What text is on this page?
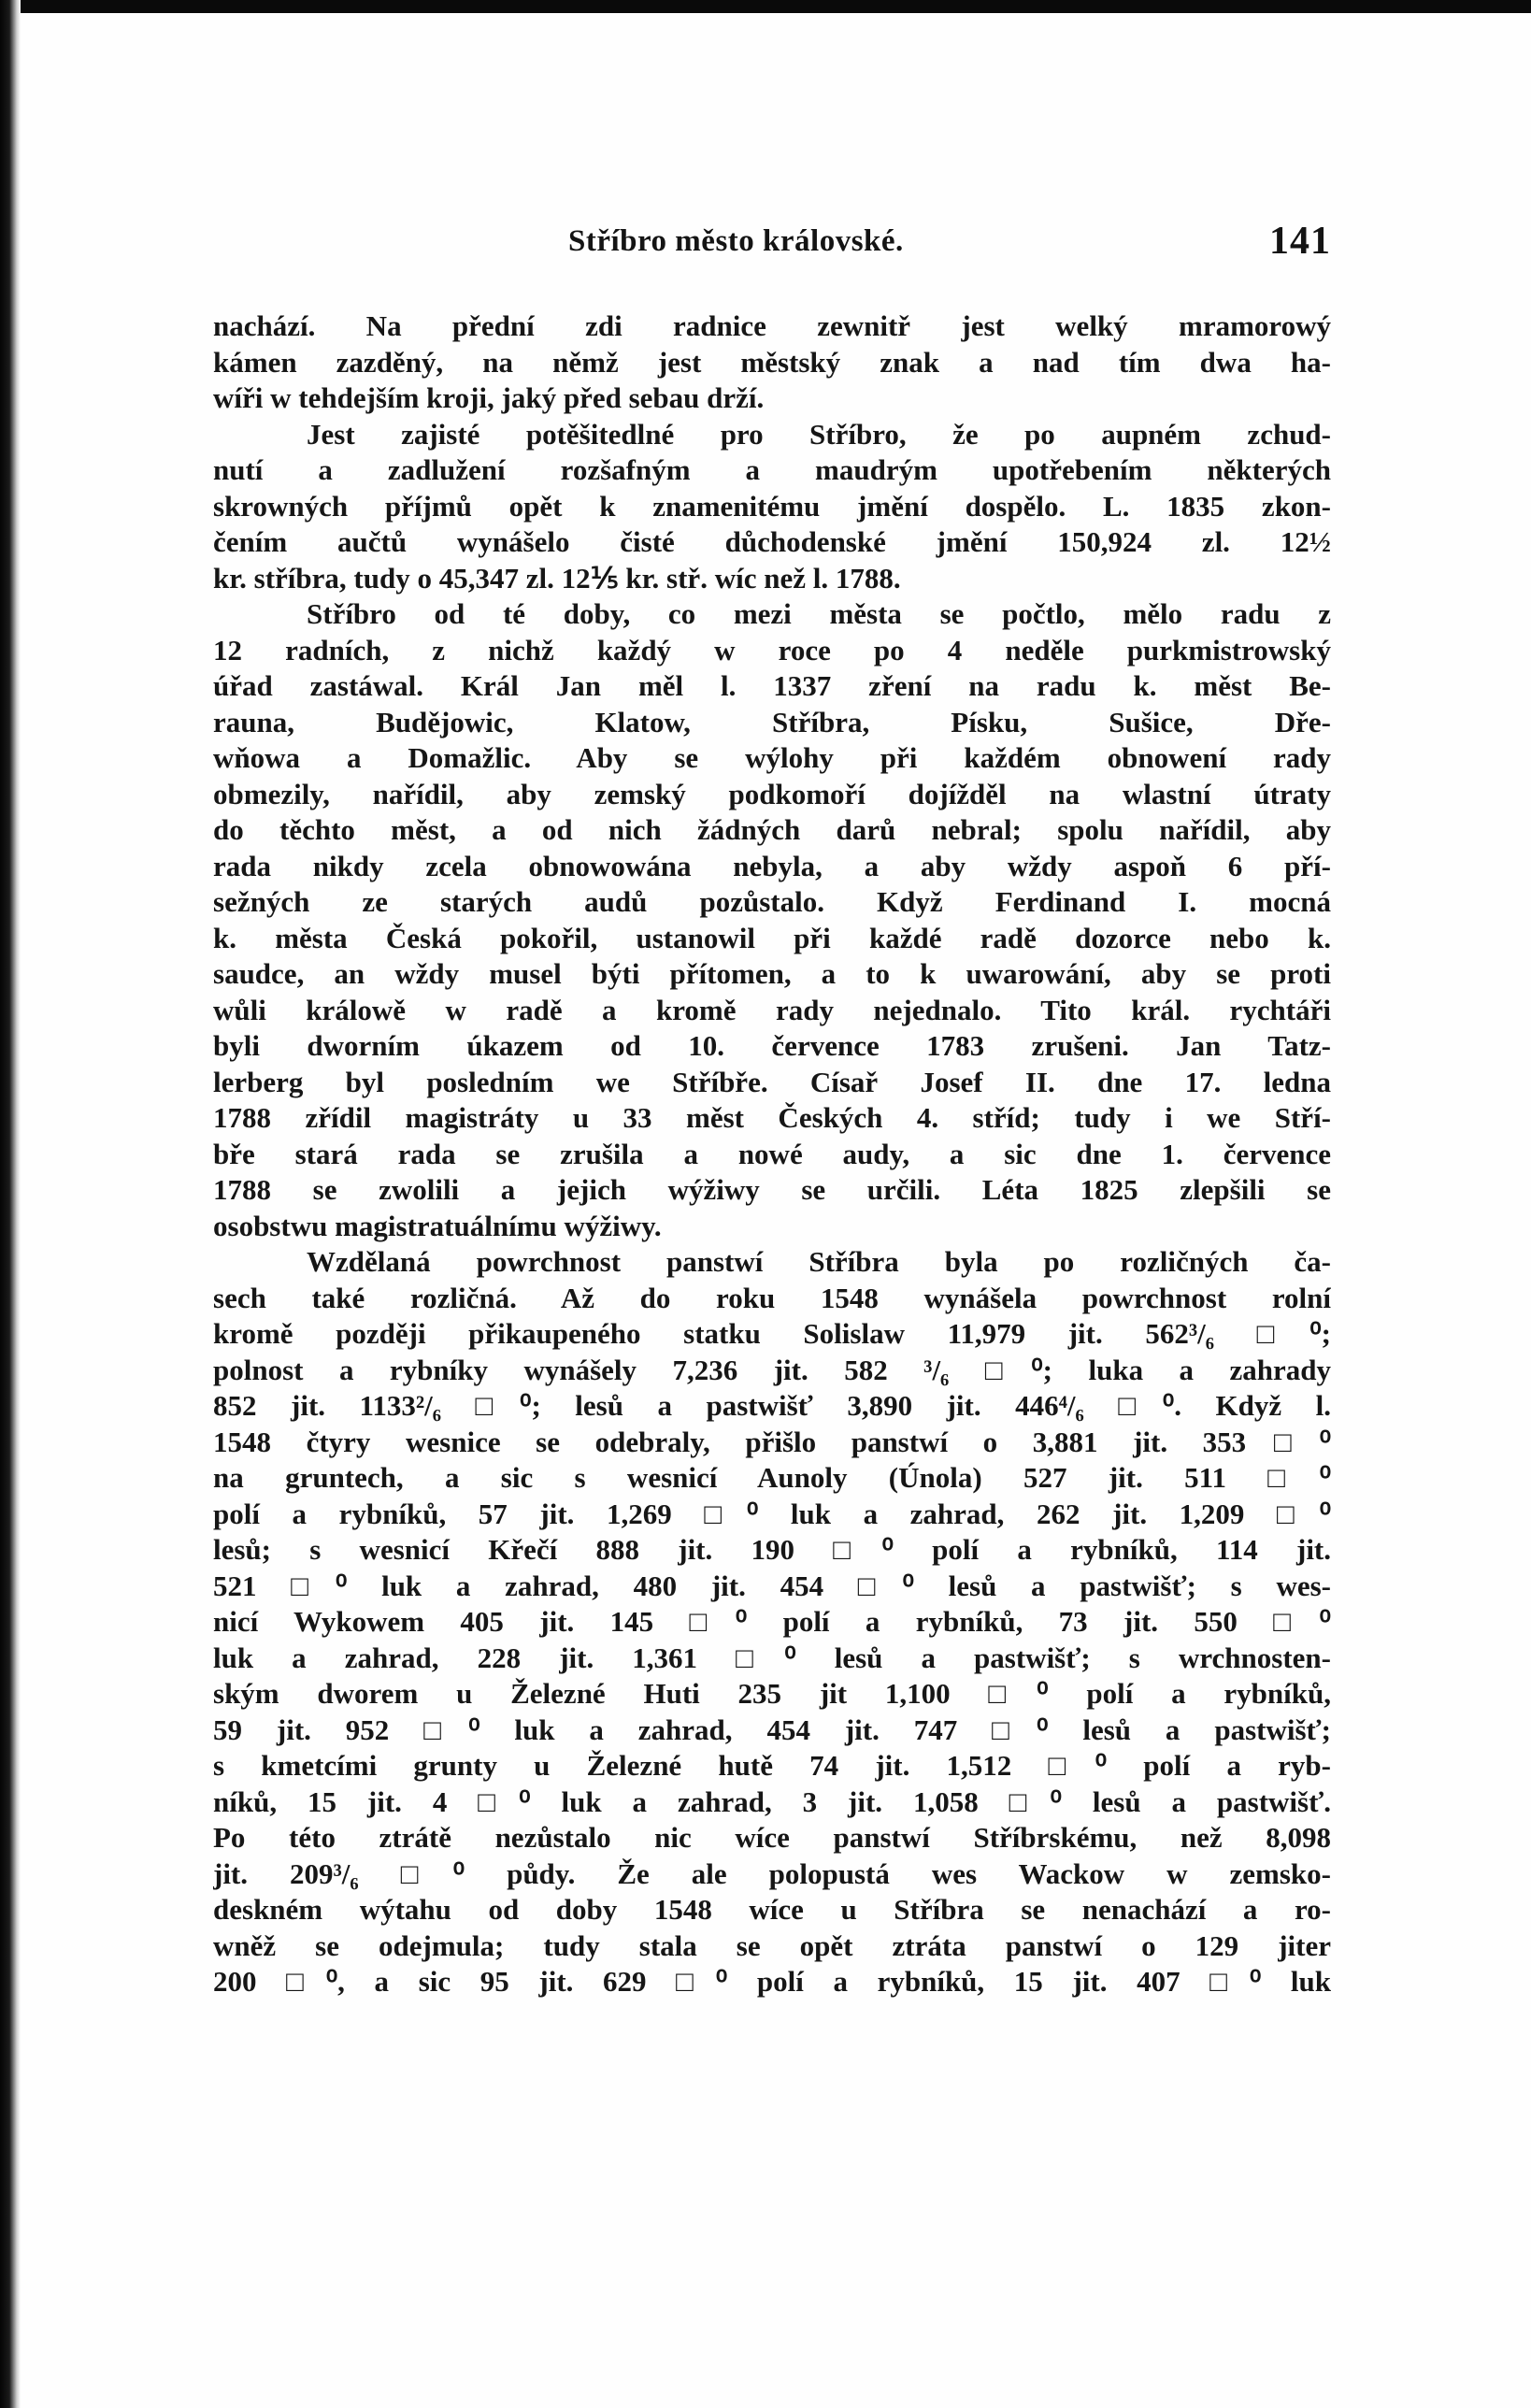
Stříbro město královské.	141
nachází. Na přední zdi radnice zewnitř jest welký mramorowý
kámen zazděný, na němž jest městský znak a nad tím dwa ha-
wíři w tehdejším kroji, jaký před sebau drží.
Jest zajisté potěšitedlné pro Stříbro, že po aupném zchud-
nutí a zadlužení rozšafným a maudrým upotřebením některých
skrowných příjmů opět k znamenitému jmění dospělo. L. 1835 zkon-
čením aučtů wynášelo čisté důchodenské jmění 150,924 zl. 12½
kr. stříbra, tudy o 45,347 zl. 12⅕ kr. stř. wíc než l. 1788.
Stříbro od té doby, co mezi města se počtlo, mělo radu z
12 radních, z nichž každý w roce po 4 neděle purkmistrowský
úřad zastáwal. Král Jan měl l. 1337 zření na radu k. měst Be-
rauna, Budějowic, Klatow, Stříbra, Písku, Sušice, Dře-
wňowa a Domažlic. Aby se wýlohy při každém obnowení rady
obmezily, nařídil, aby zemský podkomoří dojížděl na wlastní útraty
do těchto měst, a od nich žádných darů nebral; spolu nařídil, aby
rada nikdy zcela obnowowána nebyla, a aby wždy aspoň 6 pří-
sežných ze starých audů pozůstalo. Když Ferdinand I. mocná
k. města Česká pokořil, ustanowil při každé radě dozorce nebo k.
saudce, an wždy musel býti přítomen, a to k uwarowání, aby se proti
wůli králowě w radě a kromě rady nejednalo. Tito král. rychtáři
byli dworním úkazem od 10. července 1783 zrušeni. Jan Tatz-
lerberg byl posledním we Stříbře. Císař Josef II. dne 17. ledna
1788 zřídil magistráty u 33 měst Českých 4. stříd; tudy i we Stří-
bře stará rada se zrušila a nowé audy, a sic dne 1. července
1788 se zwolili a jejich wýžiwy se určili. Léta 1825 zlepšili se
osobstwu magistratuálnímu wýžiwy.
Wzdělaná powrchnost panstwí Stříbra byla po rozličných ča-
sech také rozličná. Až do roku 1548 wynášela powrchnost rolní
kromě později přikaupeného statku Solislaw 11,979 jit. 562³/₆ □⁰;
polnost a rybníky wynášely 7,236 jit. 582 ³/₆ □⁰; luka a zahrady
852 jit. 1133²/₆ □⁰; lesů a pastwišť 3,890 jit. 446⁴/₆ □⁰. Když l.
1548 čtyry wesnice se odebraly, přišlo panstwí o 3,881 jit. 353□⁰
na gruntech, a sic s wesnicí Aunoly (Únola) 527 jit. 511 □⁰
polí a rybníků, 57 jit. 1,269 □⁰ luk a zahrad, 262 jit. 1,209 □⁰
lesů; s wesnicí Křečí 888 jit. 190 □⁰ polí a rybníků, 114 jit.
521 □⁰ luk a zahrad, 480 jit. 454 □⁰ lesů a pastwišť; s wes-
nicí Wykowem 405 jit. 145 □⁰ polí a rybníků, 73 jit. 550 □⁰
luk a zahrad, 228 jit. 1,361 □⁰ lesů a pastwišť; s wrchnosten-
ským dworem u Železné Huti 235 jit 1,100 □⁰ polí a rybníků,
59 jit. 952 □⁰ luk a zahrad, 454 jit. 747 □⁰ lesů a pastwišť;
s kmetcími grunty u Železné hutě 74 jit. 1,512 □⁰ polí a ryb-
níků, 15 jit. 4 □⁰ luk a zahrad, 3 jit. 1,058 □⁰ lesů a pastwišť.
Po této ztrátě nezůstalo nic wíce panstwí Stříbrskému, než 8,098
jit. 209³/₆ □⁰ půdy. Že ale polopustá wes Wackow w zemsko-
deskném wýtahu od doby 1548 wíce u Stříbra se nenachází a ro-
wněž se odejmula; tudy stala se opět ztráta panstwí o 129 jiter
200 □⁰, a sic 95 jit. 629 □⁰ polí a rybníků, 15 jit. 407 □⁰ luk
